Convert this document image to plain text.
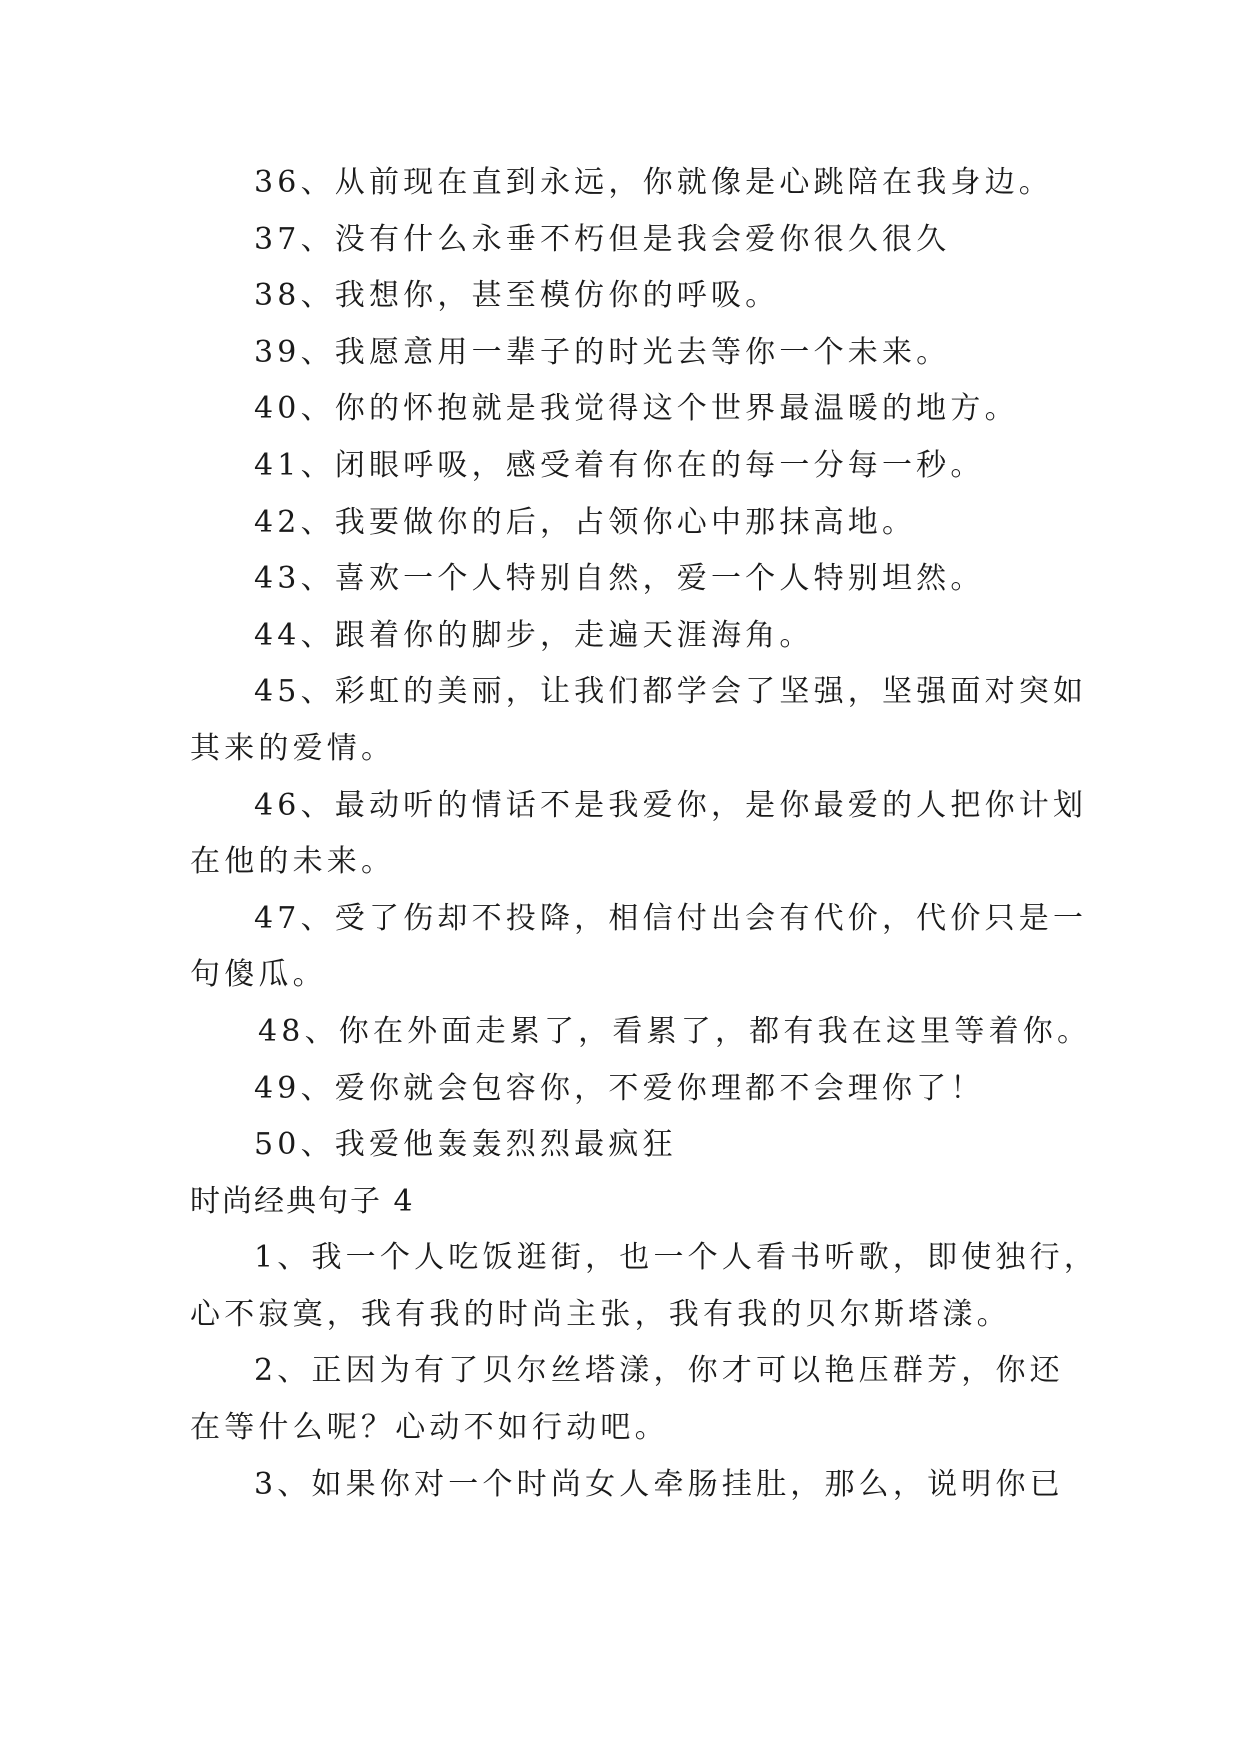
36、从前现在直到永远，你就像是心跳陪在我身边。

37、没有什么永垂不朽但是我会爱你很久很久

38、我想你，甚至模仿你的呼吸。

39、我愿意用一辈子的时光去等你一个未来。

40、你的怀抱就是我觉得这个世界最温暖的地方。

41、闭眼呼吸，感受着有你在的每一分每一秒。

42、我要做你的后，占领你心中那抹高地。

43、喜欢一个人特别自然，爱一个人特别坦然。

44、跟着你的脚步，走遍天涯海角。

45、彩虹的美丽，让我们都学会了坚强，坚强面对突如

其来的爱情。

46、最动听的情话不是我爱你，是你最爱的人把你计划

在他的未来。

47、受了伤却不投降，相信付出会有代价，代价只是一

句傻瓜。

48、你在外面走累了，看累了，都有我在这里等着你。

49、爱你就会包容你，不爱你理都不会理你了！

50、我爱他轰轰烈烈最疯狂

时尚经典句子 4

1、我一个人吃饭逛街，也一个人看书听歌，即使独行，

心不寂寞，我有我的时尚主张，我有我的贝尔斯塔漾。

2、正因为有了贝尔丝塔漾，你才可以艳压群芳，你还

在等什么呢？心动不如行动吧。

3、如果你对一个时尚女人牵肠挂肚，那么，说明你已
